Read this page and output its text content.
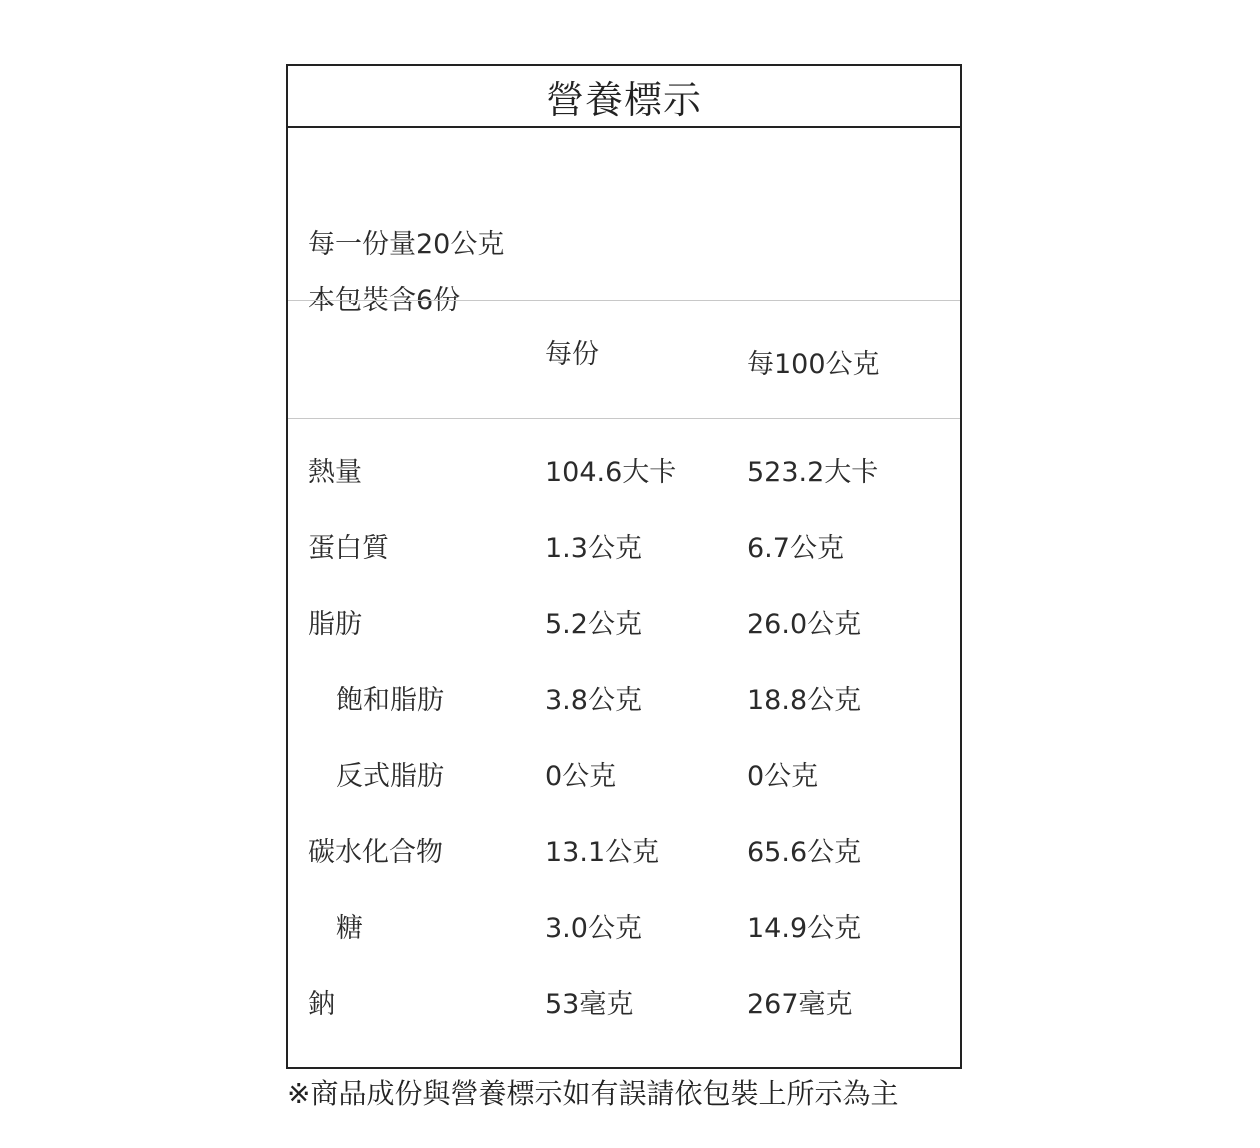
營養標示
每一份量20公克
本包裝含6份
每份	每100公克
熱量	104.6大卡	523.2大卡
蛋白質	1.3公克	6.7公克
脂肪	5.2公克	26.0公克
飽和脂肪	3.8公克	18.8公克
反式脂肪	0公克	0公克
碳水化合物	13.1公克	65.6公克
糖	3.0公克	14.9公克
鈉	53毫克	267毫克
※商品成份與營養標示如有誤請依包裝上所示為主
